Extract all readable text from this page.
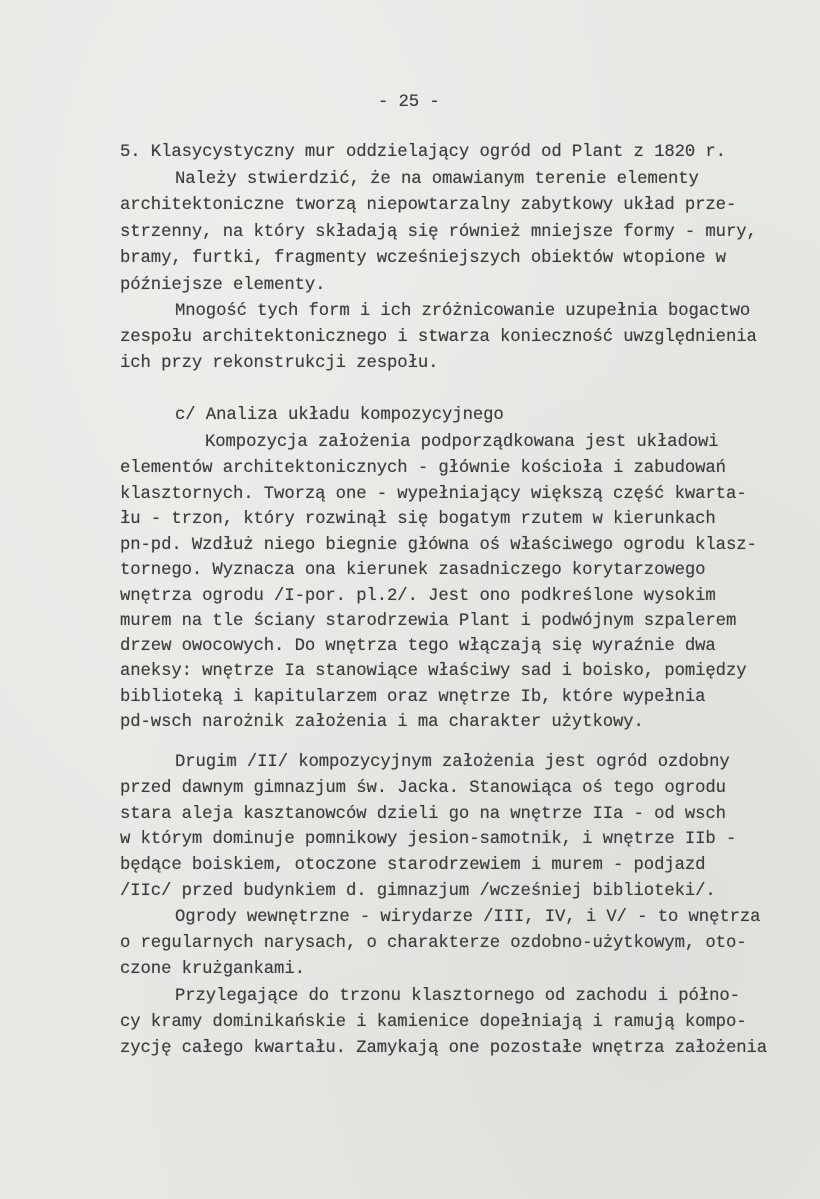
- 25 -
5. Klasycystyczny mur oddzielający ogród od Plant z 1820 r.
Należy stwierdzić, że na omawianym terenie elementy
architektoniczne tworzą niepowtarzalny zabytkowy układ prze-
strzenny, na który składają się również mniejsze formy - mury,
bramy, furtki, fragmenty wcześniejszych obiektów wtopione w
późniejsze elementy.
Mnogość tych form i ich zróżnicowanie uzupełnia bogactwo
zespołu architektonicznego i stwarza konieczność uwzględnienia
ich przy rekonstrukcji zespołu.
c/ Analiza układu kompozycyjnego
Kompozycja założenia podporządkowana jest układowi
elementów architektonicznych - głównie kościoła i zabudowań
klasztornych. Tworzą one - wypełniający większą część kwarta-
łu - trzon, który rozwinął się bogatym rzutem w kierunkach
pn-pd. Wzdłuż niego biegnie główna oś właściwego ogrodu klasz-
tornego. Wyznacza ona kierunek zasadniczego korytarzowego
wnętrza ogrodu /I-por. pl.2/. Jest ono podkreślone wysokim
murem na tle ściany starodrzewia Plant i podwójnym szpalerem
drzew owocowych. Do wnętrza tego włączają się wyraźnie dwa
aneksy: wnętrze Ia stanowiące właściwy sad i boisko, pomiędzy
biblioteką i kapitularzem oraz wnętrze Ib, które wypełnia
pd-wsch narożnik założenia i ma charakter użytkowy.
Drugim /II/ kompozycyjnym założenia jest ogród ozdobny
przed dawnym gimnazjum św. Jacka. Stanowiąca oś tego ogrodu
stara aleja kasztanowców dzieli go na wnętrze IIa - od wsch
w którym dominuje pomnikowy jesion-samotnik, i wnętrze IIb -
będące boiskiem, otoczone starodrzewiem i murem - podjazd
/IIc/ przed budynkiem d. gimnazjum /wcześniej biblioteki/.
Ogrody wewnętrzne - wirydarze /III, IV, i V/ - to wnętrza
o regularnych narysach, o charakterze ozdobno-użytkowym, oto-
czone krużgankami.
Przylegające do trzonu klasztornego od zachodu i półno-
cy kramy dominikańskie i kamienice dopełniają i ramują kompo-
zycję całego kwartału. Zamykają one pozostałe wnętrza założenia
